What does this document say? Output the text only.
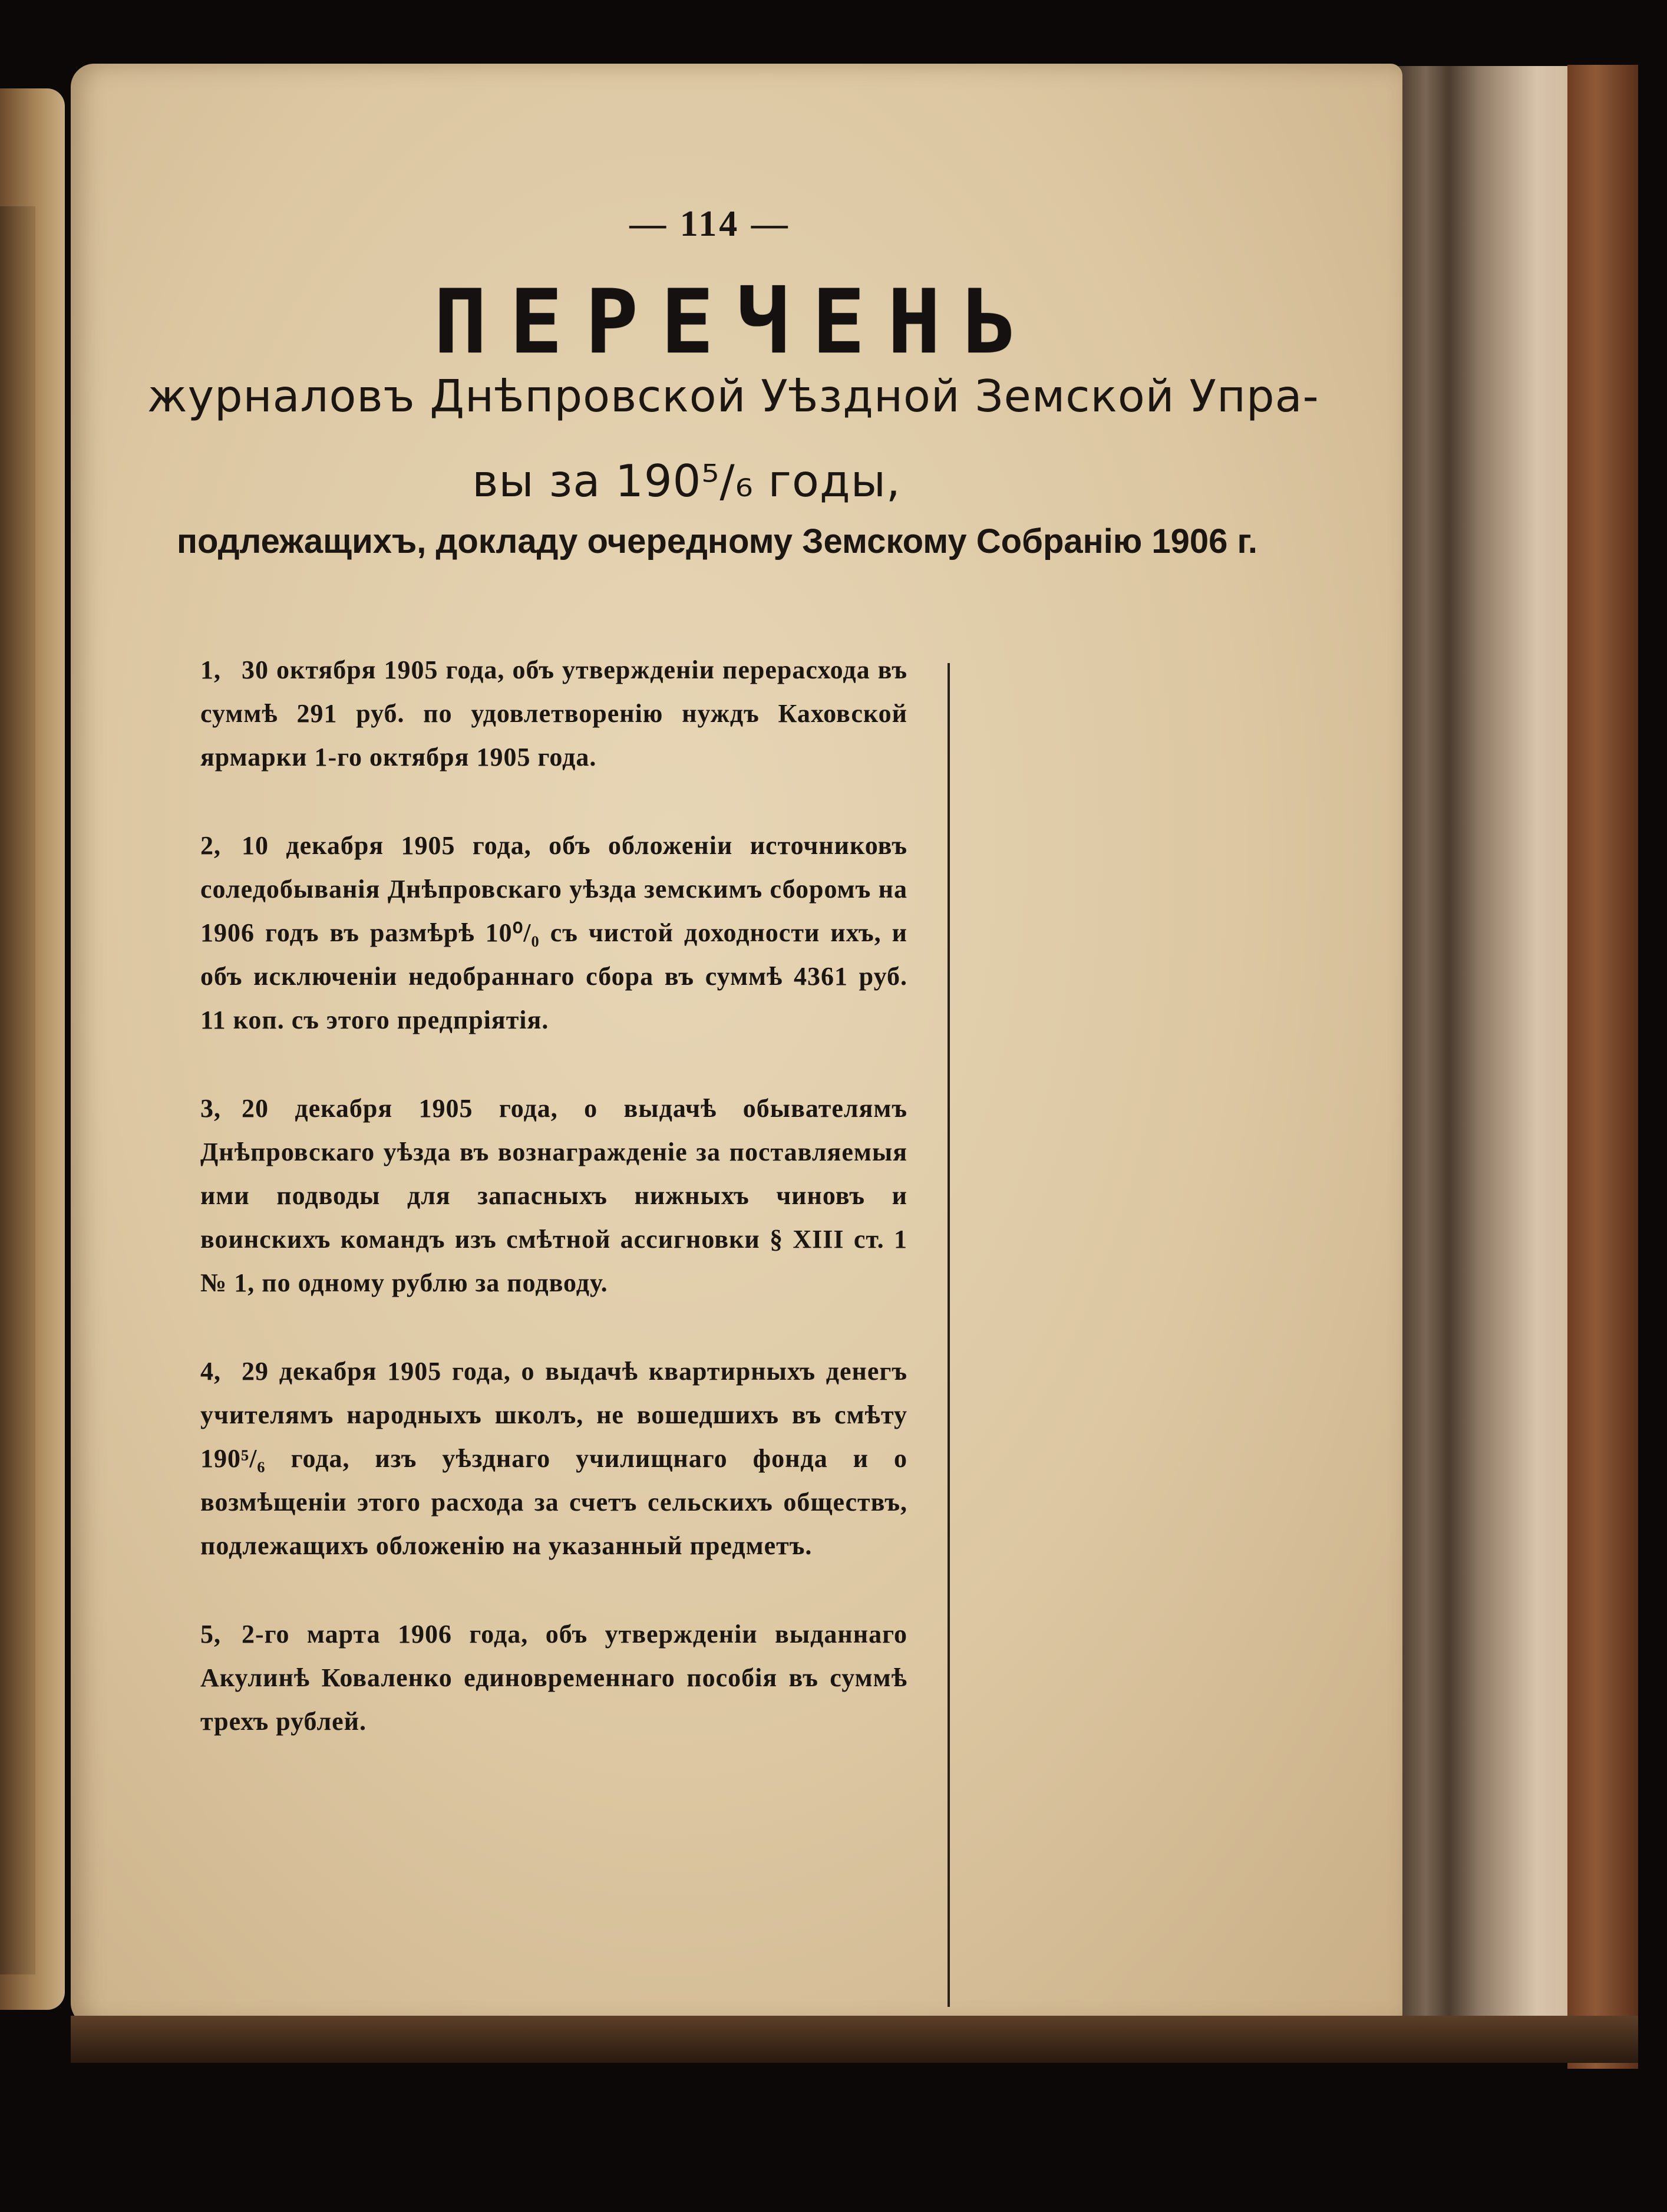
— 114 —
ПЕРЕЧЕНЬ
журналовъ Днѣпровской Уѣздной Земской Упра-
вы за 190⁵/₆ годы,
подлежащихъ, докладу очередному Земскому Собранію 1906 г.
1, 30 октября 1905 года, объ утвержденіи перерасхода въ суммѣ 291 руб. по удовлетворенію нуждъ Каховской ярмарки 1-го октября 1905 года.
2, 10 декабря 1905 года, объ обложеніи источниковъ соледобыванія Днѣпровскаго уѣзда земскимъ сборомъ на 1906 годъ въ размѣрѣ 10⁰/₀ съ чистой доходности ихъ, и объ исключеніи недобраннаго сбора въ суммѣ 4361 руб. 11 коп. съ этого предпріятія.
3, 20 декабря 1905 года, о выдачѣ обывателямъ Днѣпровскаго уѣзда въ вознагражденіе за поставляемыя ими подводы для запасныхъ нижныхъ чиновъ и воинскихъ командъ изъ смѣтной ассигновки § XIII ст. 1 № 1, по одному рублю за подводу.
4, 29 декабря 1905 года, о выдачѣ квартирныхъ денегъ учителямъ народныхъ школъ, не вошедшихъ въ смѣту 190⁵/₆ года, изъ уѣзднаго училищнаго фонда и о возмѣщеніи этого расхода за счетъ сельскихъ обществъ, подлежащихъ обложенію на указанный предметъ.
5, 2-го марта 1906 года, объ утвержденіи выданнаго Акулинѣ Коваленко единовременнаго пособія въ суммѣ трехъ рублей.
